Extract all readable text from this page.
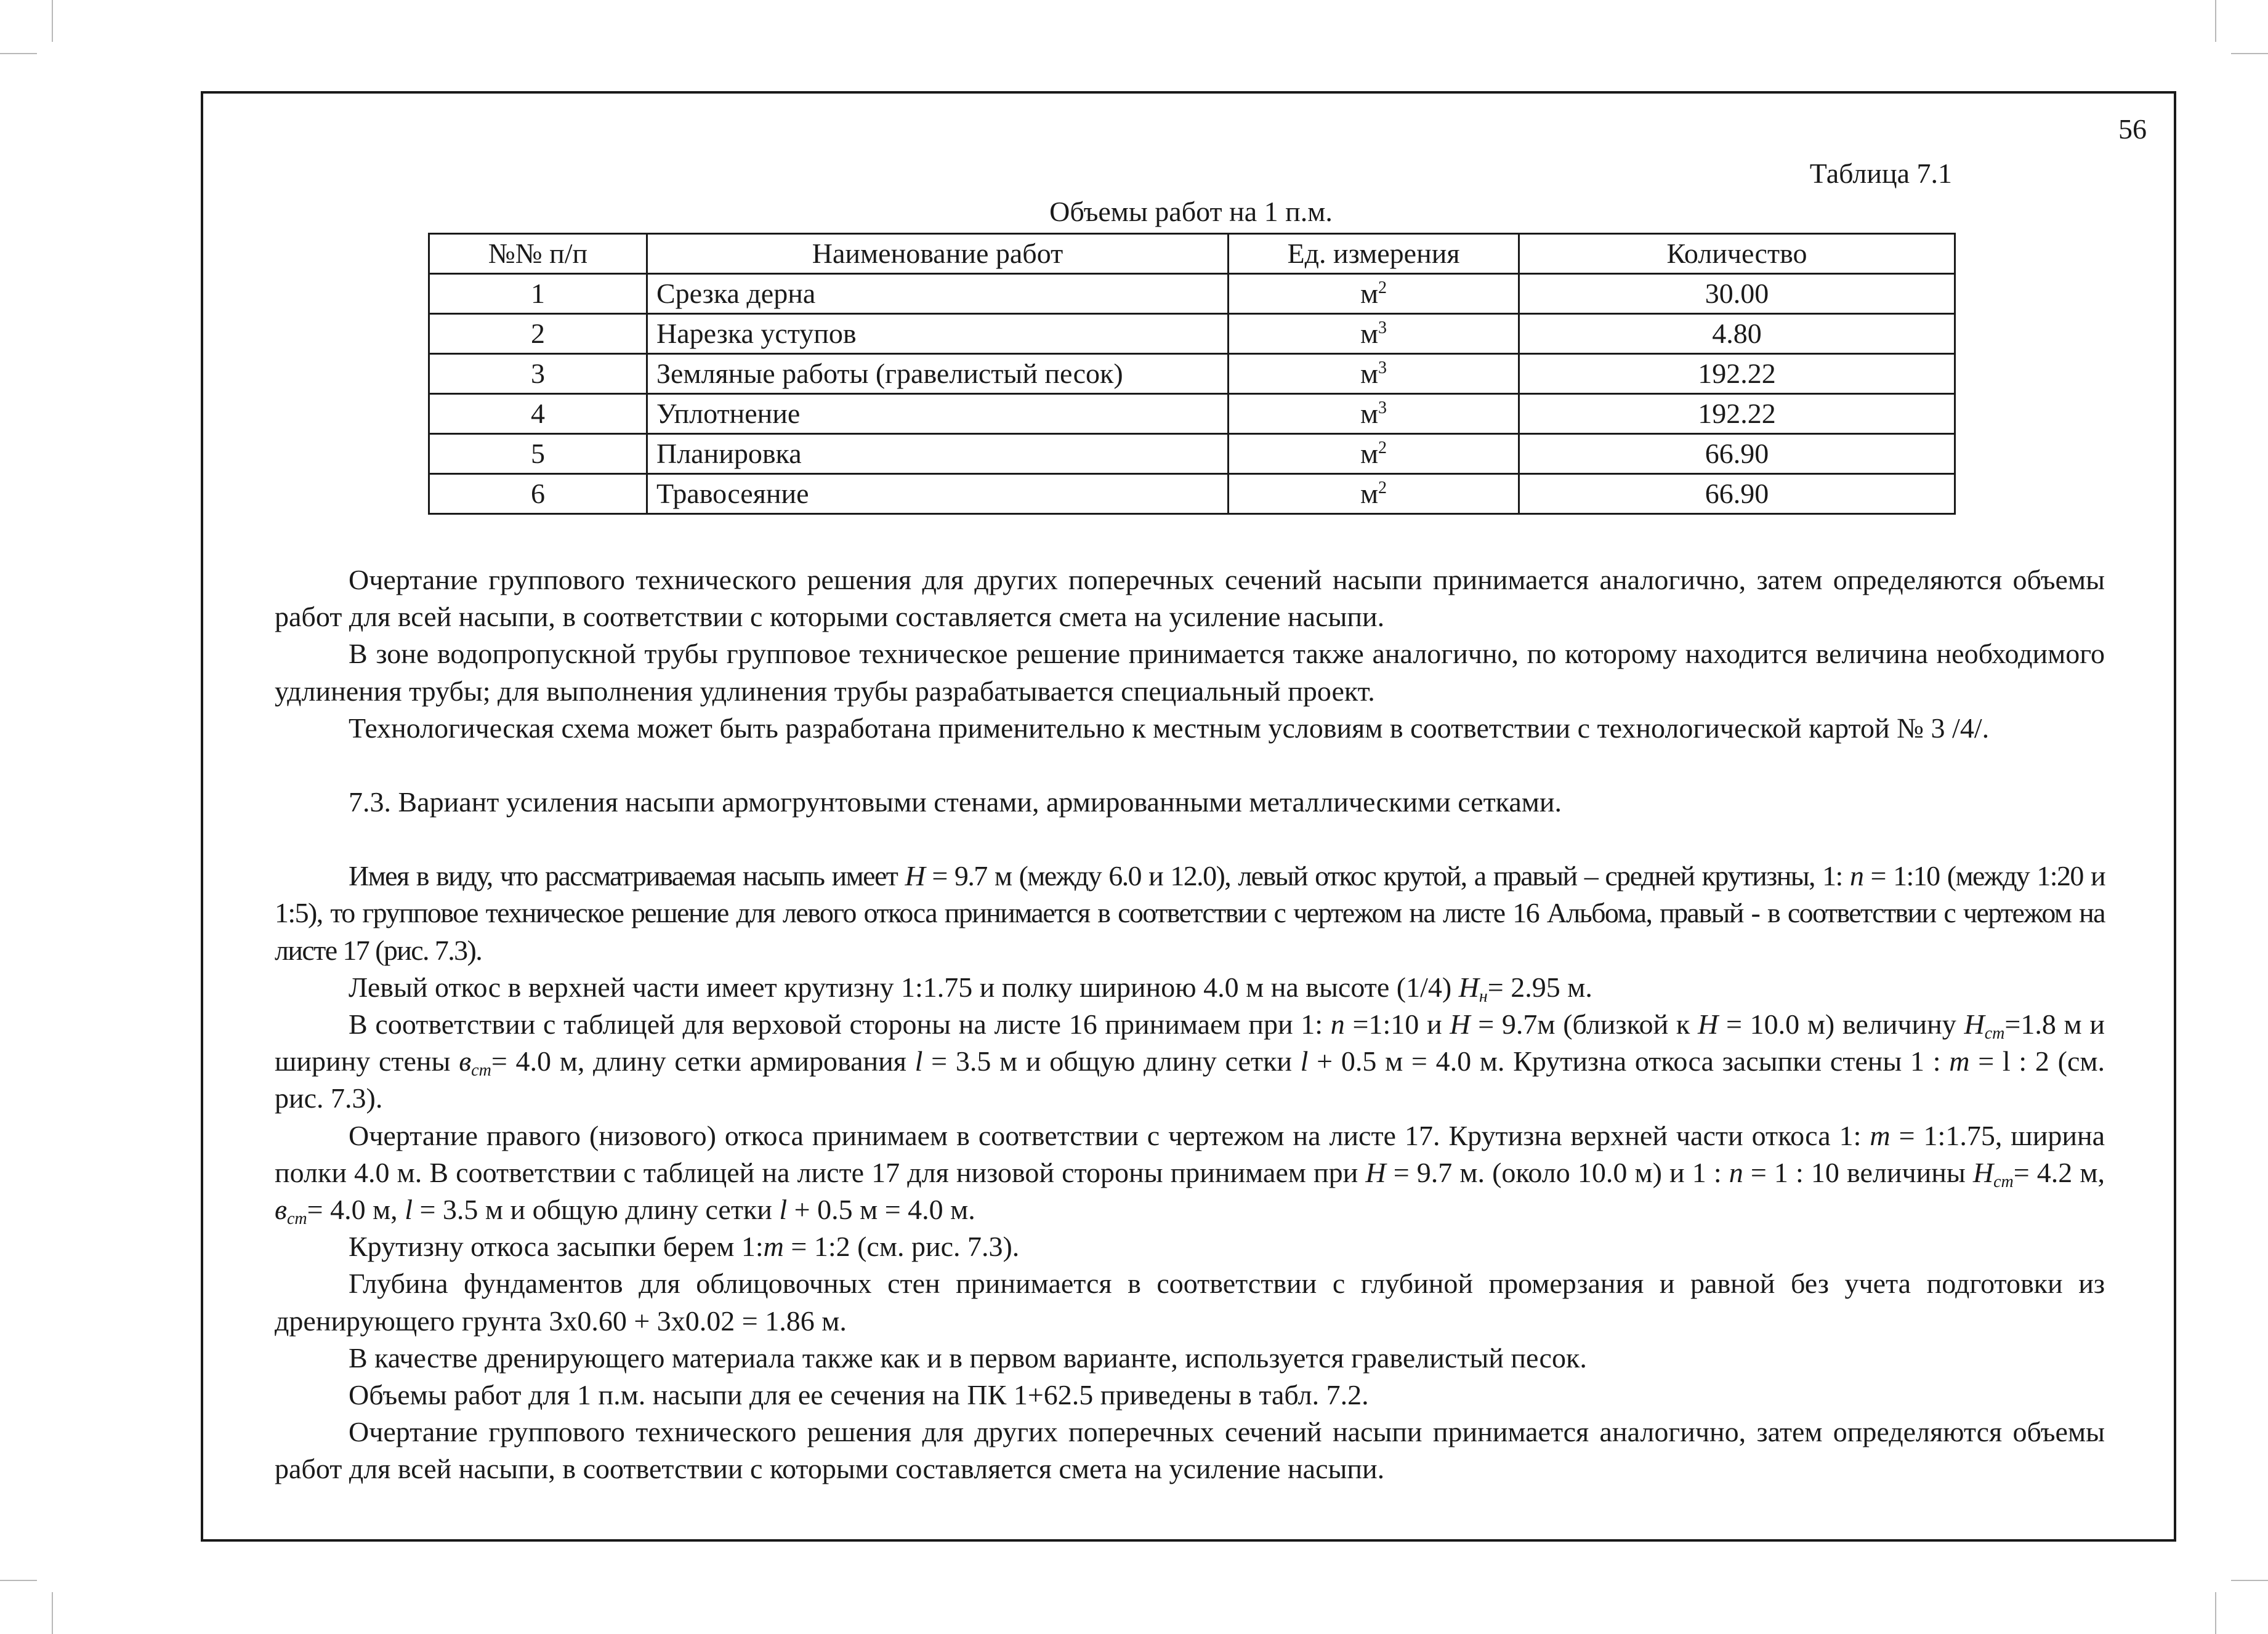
56
Таблица 7.1
Объемы работ на 1 п.м.
№№ п/п	Наименование работ	Ед. измерения	Количество
1	Срезка дерна	$м^2$	30.00
2	Нарезка уступов	$м^3$	4.80
3	Земляные работы (гравелистый песок)	$м^3$	192.22
4	Уплотнение	$м^3$	192.22
5	Планировка	$м^2$	66.90
6	Травосеяние	$м^2$	66.90

Очертание группового технического решения для других поперечных сечений насыпи принимается аналогично, затем определяются объемы работ для всей насыпи, в соответствии с которыми составляется смета на усиление насыпи.

В зоне водопропускной трубы групповое техническое решение принимается также аналогично, по которому находится величина необходимого удлинения трубы; для выполнения удлинения трубы разрабатывается специальный проект.

Технологическая схема может быть разработана применительно к местным условиям в соответствии с технологической картой № 3 /4/.

7.3. Вариант усиления насыпи армогрунтовыми стенами, армированными металлическими сетками.

Имея в виду, что рассматриваемая насыпь имеет H = 9.7 м (между 6.0 и 12.0), левый откос крутой, а правый – средней крутизны, 1: n = 1:10 (между 1:20 и 1:5), то групповое техническое решение для левого откоса принимается в соответствии с чертежом на листе 16 Альбома, правый - в соответствии с чертежом на листе 17 (рис. 7.3).

Левый откос в верхней части имеет крутизну 1:1.75 и полку шириною 4.0 м на высоте (1/4) $H_н= 2.95$ м.

В соответствии с таблицей для верховой стороны на листе 16 принимаем при 1: n =1:10 и H = 9.7м (близкой к H = 10.0 м) величину $H_{ст}=1.8$ м и ширину стены $в_{ст}= 4.0$ м, длину сетки армирования l = 3.5 м и общую длину сетки l + 0.5 м = 4.0 м. Крутизна откоса засыпки стены 1 : m = l : 2 (см. рис. 7.3).

Очертание правого (низового) откоса принимаем в соответствии с чертежом на листе 17. Крутизна верхней части откоса 1: m = 1:1.75, ширина полки 4.0 м. В соответствии с таблицей на листе 17 для низовой стороны принимаем при H = 9.7 м. (около 10.0 м) и 1 : n = 1 : 10 величины $H_{ст}= 4.2$ м, $в_{ст}= 4.0$ м, l = 3.5 м и общую длину сетки l + 0.5 м = 4.0 м.

Крутизну откоса засыпки берем 1:m = 1:2 (см. рис. 7.3).

Глубина фундаментов для облицовочных стен принимается в соответствии с глубиной промерзания и равной без учета подготовки из дренирующего грунта 3х0.60 + 3х0.02 = 1.86 м.

В качестве дренирующего материала также как и в первом варианте, используется гравелистый песок.

Объемы работ для 1 п.м. насыпи для ее сечения на ПК 1+62.5 приведены в табл. 7.2.

Очертание группового технического решения для других поперечных сечений насыпи принимается аналогично, затем определяются объемы работ для всей насыпи, в соответствии с которыми составляется смета на усиление насыпи.
